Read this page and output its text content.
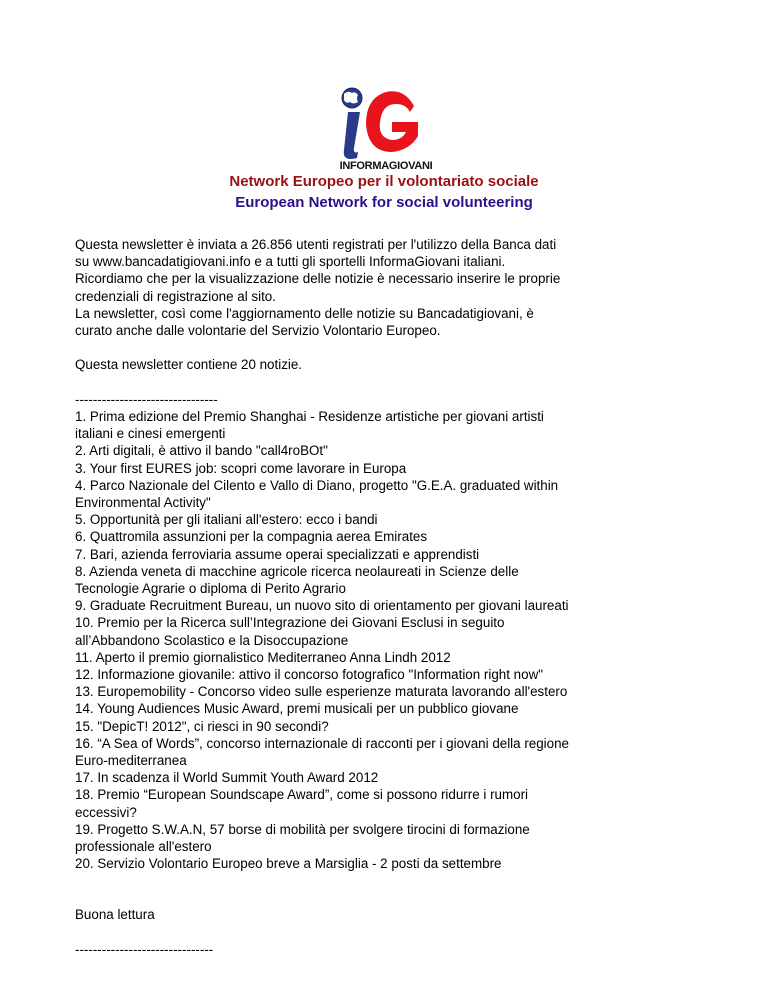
INFORMAGIOVANI
Network Europeo per il volontariato sociale
European Network for social volunteering

Questa newsletter è inviata a 26.856 utenti registrati per l'utilizzo della Banca dati

su www.bancadatigiovani.info e a tutti gli sportelli InformaGiovani italiani.

Ricordiamo che per la visualizzazione delle notizie è necessario inserire le proprie

credenziali di registrazione al sito.

La newsletter, così come l'aggiornamento delle notizie su Bancadatigiovani, è

curato anche dalle volontarie del Servizio Volontario Europeo.

Questa newsletter contiene 20 notizie.

--------------------------------

1. Prima edizione del Premio Shanghai - Residenze artistiche per giovani artisti

italiani e cinesi emergenti

2. Arti digitali, è attivo il bando "call4roBOt"

3. Your first EURES job: scopri come lavorare in Europa

4. Parco Nazionale del Cilento e Vallo di Diano, progetto "G.E.A. graduated within

Environmental Activity"

5. Opportunità per gli italiani all'estero: ecco i bandi

6. Quattromila assunzioni per la compagnia aerea Emirates

7. Bari, azienda ferroviaria assume operai specializzati e apprendisti

8. Azienda veneta di macchine agricole ricerca neolaureati in Scienze delle

Tecnologie Agrarie o diploma di Perito Agrario

9. Graduate Recruitment Bureau, un nuovo sito di orientamento per giovani laureati

10. Premio per la Ricerca sull’Integrazione dei Giovani Esclusi in seguito

all’Abbandono Scolastico e la Disoccupazione

11. Aperto il premio giornalistico Mediterraneo Anna Lindh 2012

12. Informazione giovanile: attivo il concorso fotografico "Information right now"

13. Europemobility - Concorso video sulle esperienze maturata lavorando all'estero

14. Young Audiences Music Award, premi musicali per un pubblico giovane

15. "DepicT! 2012", ci riesci in 90 secondi?

16. “A Sea of Words”, concorso internazionale di racconti per i giovani della regione

Euro-mediterranea

17. In scadenza il World Summit Youth Award 2012

18. Premio “European Soundscape Award”, come si possono ridurre i rumori

eccessivi?

19. Progetto S.W.A.N, 57 borse di mobilità per svolgere tirocini di formazione

professionale all'estero

20. Servizio Volontario Europeo breve a Marsiglia - 2 posti da settembre

Buona lettura

-------------------------------
